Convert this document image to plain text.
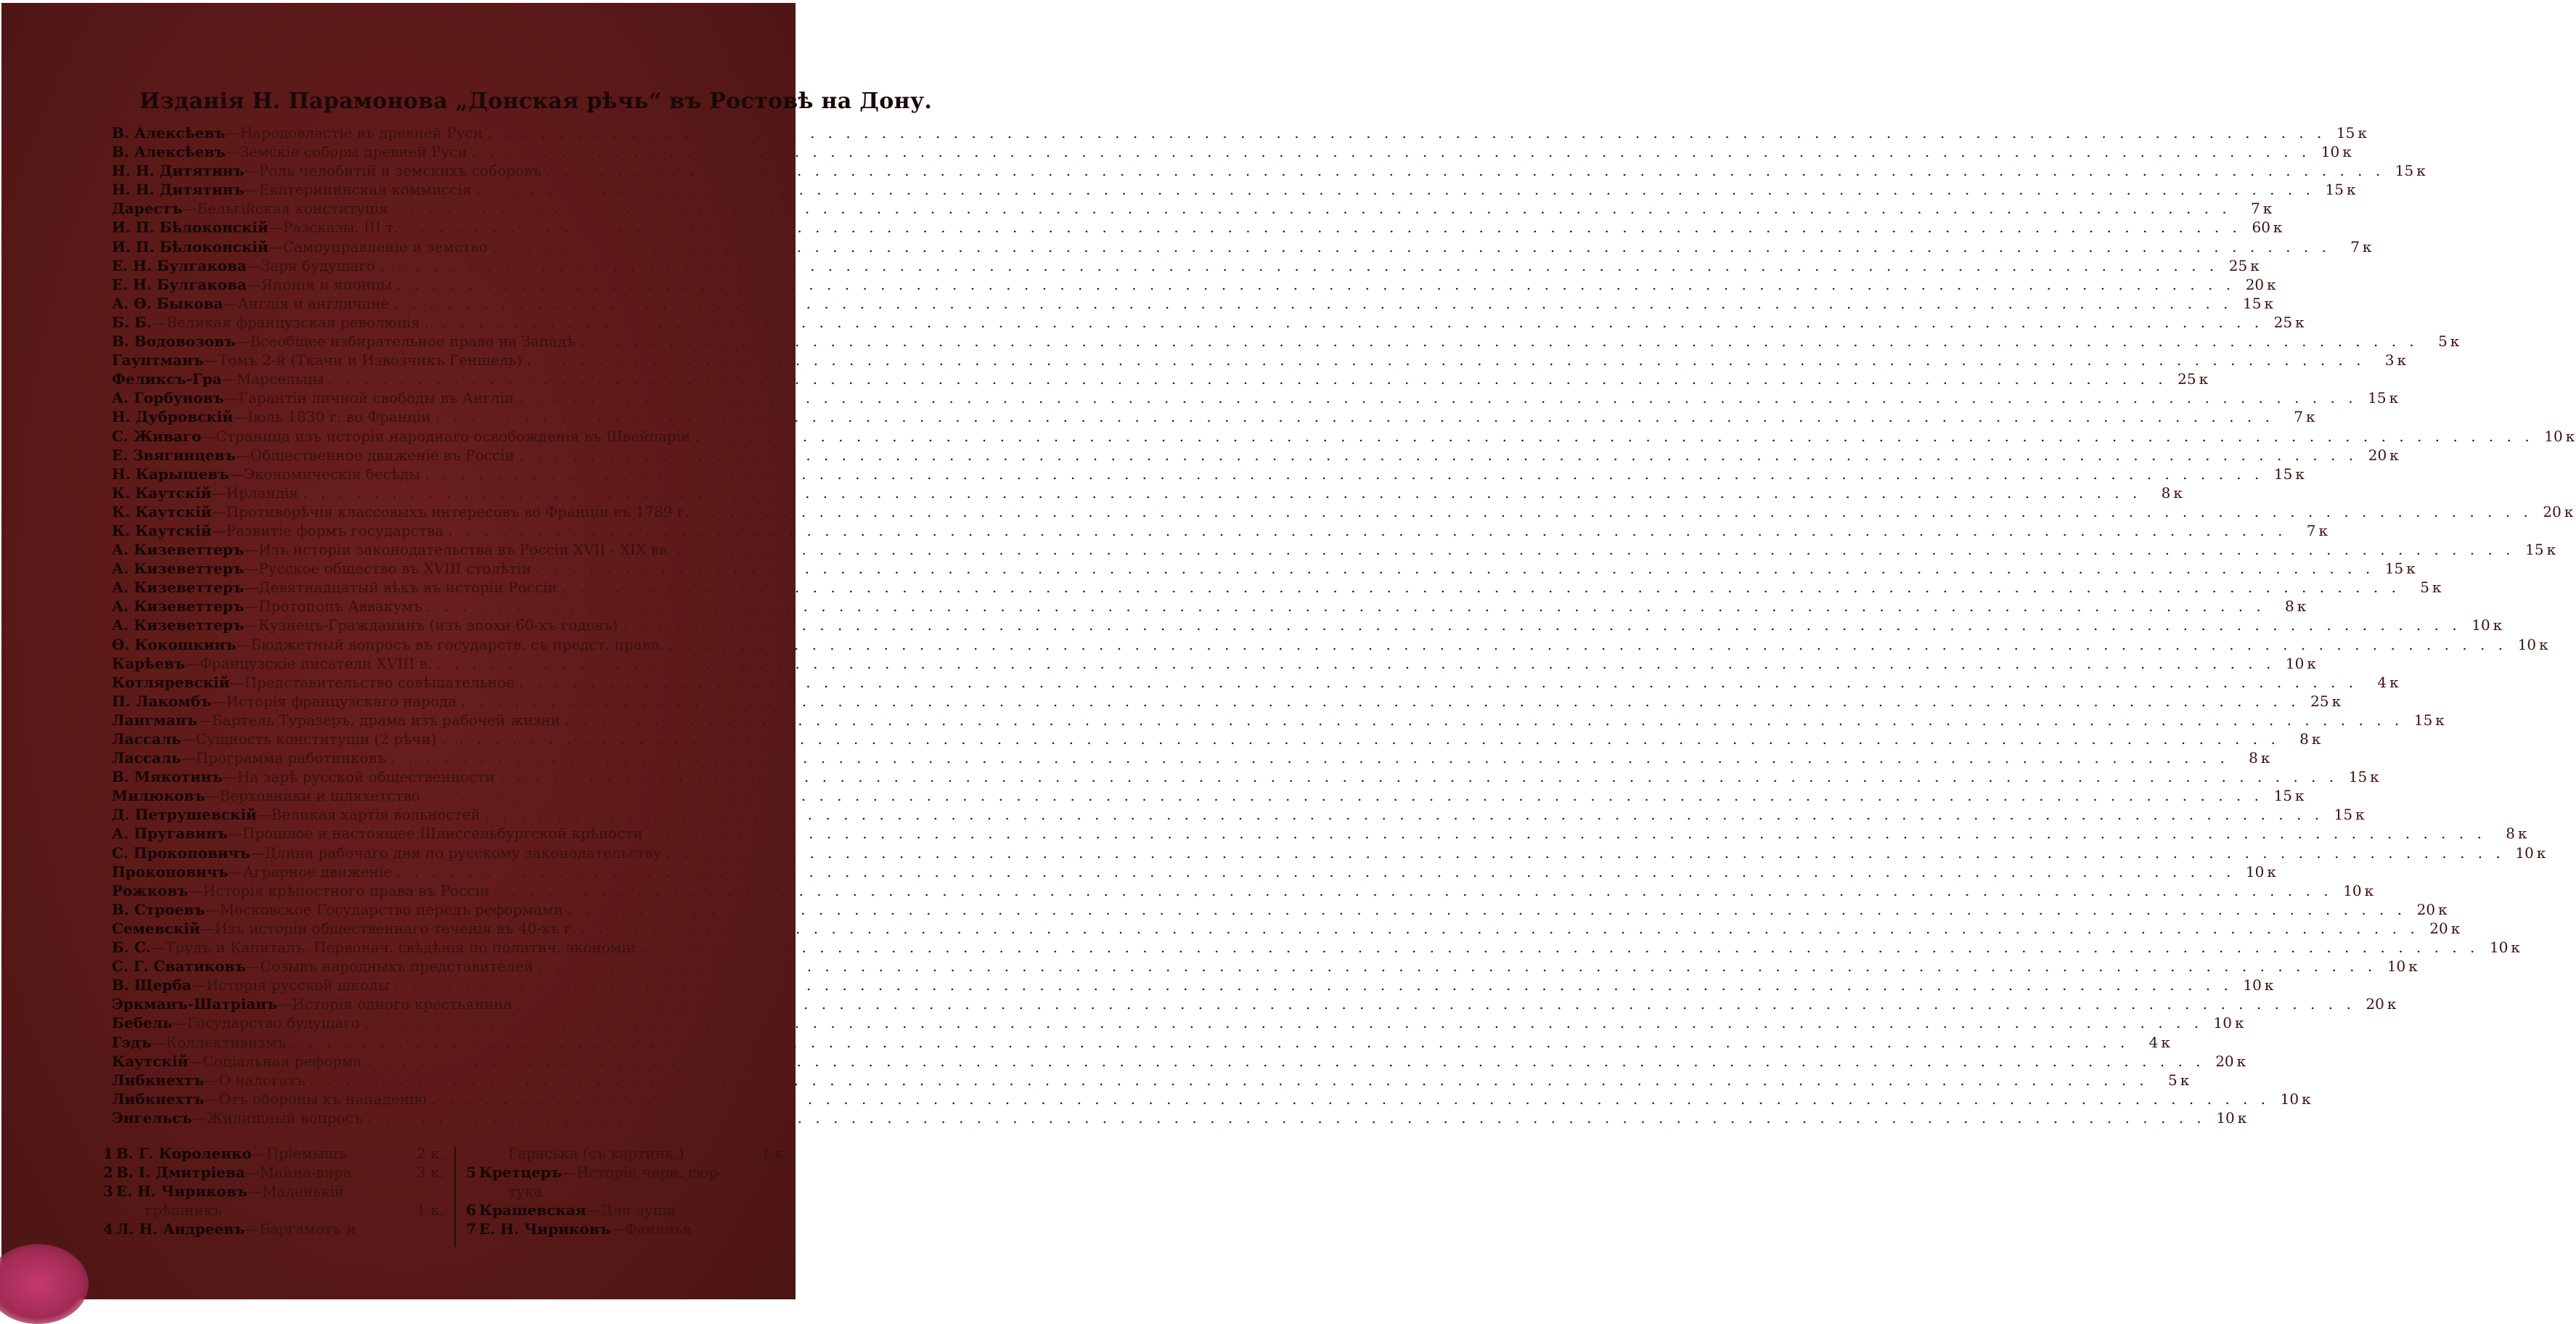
Изданія Н. Парамонова „Донская рѣчь“ въ Ростовѣ на Дону.
В. Алексѣевъ — Народовластіе въ древней Руси . . .	15 к
В. Алексѣевъ — Земскіе соборы древней Руси . . .	10 к
Н. Н. Дитятинъ — Роль челобитій и земскихъ соборовъ . . .	15 к
Н. Н. Дитятинъ — Екатерининская коммиссія . . .	15 к
Дарестъ — Бельгійская конституція . . .	7 к
И. П. Бѣлоконскій — Разсказы. III т. . . .	60 к
И. П. Бѣлоконскій — Самоуправленіе и земство . . .	7 к
Е. Н. Булгакова — Заря будущаго . . .	25 к
Е. Н. Булгакова — Японія и японцы . . .	20 к
А. Ѳ. Быкова — Англія и англичане . . .	15 к
Б. Б. — Великая французская революція . . .	25 к
В. Водовозовъ — Всеобщее избирательное право на Западѣ . . .	5 к
Гауптманъ — Томъ 2-й (Ткачи и Извозчикъ Геншель) . . .	3 к
Феликсъ-Гра — Марсельцы . . .	25 к
А. Горбуновъ — Гарантіи личной свободы въ Англіи . . .	15 к
Н. Дубровскій — Іюль 1830 г. во Франціи . . .	7 к
С. Живаго — Страница изъ исторіи народнаго освобожденія въ Швейцаріи . . .	10 к
Е. Звягинцевъ — Общественное движеніе въ Россіи . . .	20 к
Н. Карышевъ — Экономическія бесѣды . . .	15 к
К. Каутскій — Ирландія . . .	8 к
К. Каутскій — Противорѣчія классовыхъ интересовъ во Франціи въ 1789 г. . . .	20 к
К. Каутскій — Развитіе формъ государства . . .	7 к
А. Кизеветтеръ — Изъ исторіи законодательства въ Россіи XVII - XIX вв. . . .	15 к
А. Кизеветтеръ — Русское общество въ XVIII столѣтіи . . .	15 к
А. Кизеветтеръ — Девятнадцатый вѣкъ въ исторіи Россіи . . .	5 к
А. Кизеветтеръ — Протопопъ Аввакумъ . . .	8 к
А. Кизеветтеръ — Кузнецъ-Гражданинъ (изъ эпохи 60-хъ годовъ) . . .	10 к
Ѳ. Кокошкинъ — Бюджетный вопросъ въ государств. съ предст. правл. . . .	10 к
Карѣевъ — Французскіе писатели XVIII в. . . .	10 к
Котляревскій — Представительство совѣщательное . . .	4 к
П. Лакомбъ — Исторія французскаго народа . . .	25 к
Лангманъ — Бартель Туразеръ, драма изъ рабочей жизни . . .	15 к
Лассаль — Сущность конституціи (2 рѣчи) . . .	8 к
Лассаль — Программа работниковъ . . .	8 к
В. Мякотинъ — На зарѣ русской общественности . . .	15 к
Милюковъ — Верховники и шляхетство . . .	15 к
Д. Петрушевскій — Великая хартія вольностей . . .	15 к
А. Пругавинъ — Прошлое и настоящее Шлиссельбургской крѣпости . . .	8 к
С. Прокоповичъ — Длина рабочаго дня по русскому законодательству . . .	10 к
Прокоповичъ — Аграрное движеніе . . .	10 к
Рожковъ — Исторія крѣпостного права въ Россіи . . .	10 к
В. Строевъ — Московское Государство передъ реформами . . .	20 к
Семевскій — Изъ исторіи общественнаго теченія въ 40-хъ г. . . .	20 к
Б. С. — Трудъ и Капиталъ. Первонач. свѣдѣнія по политич. экономіи . . .	10 к
С. Г. Сватиковъ — Созывъ народныхъ представителей . . .	10 к
В. Щерба — Исторія русской школы . . .	10 к
Эркманъ-Шатріанъ — Исторія одного крестьянина . . .	20 к
Бебель — Государство будущаго . . .	10 к
Гэдъ — Коллективизмъ . . .	4 к
Каутскій — Соціальная реформа . . .	20 к
Либкнехтъ — О налогахъ . . .	5 к
Либкнехтъ — Отъ обороны къ нападенію . . .	10 к
Энгельсъ — Жилищный вопросъ . . .	10 к
1 В. Г. Короленко — Пріемышъ	2 к.
2 В. І. Дмитріева — Майна-вира	3 к.
3 Е. Н. Чириковъ — Маленькій
грѣшникъ	1 к.
4 Л. Н. Андреевъ — Баргамотъ и
Гараська (съ картинк.)	1 к.
5 Кретцеръ — Исторія черн. сюр-
тука
6 Крашевская — Для души
7 Е. Н. Чириковъ — Фанинья
